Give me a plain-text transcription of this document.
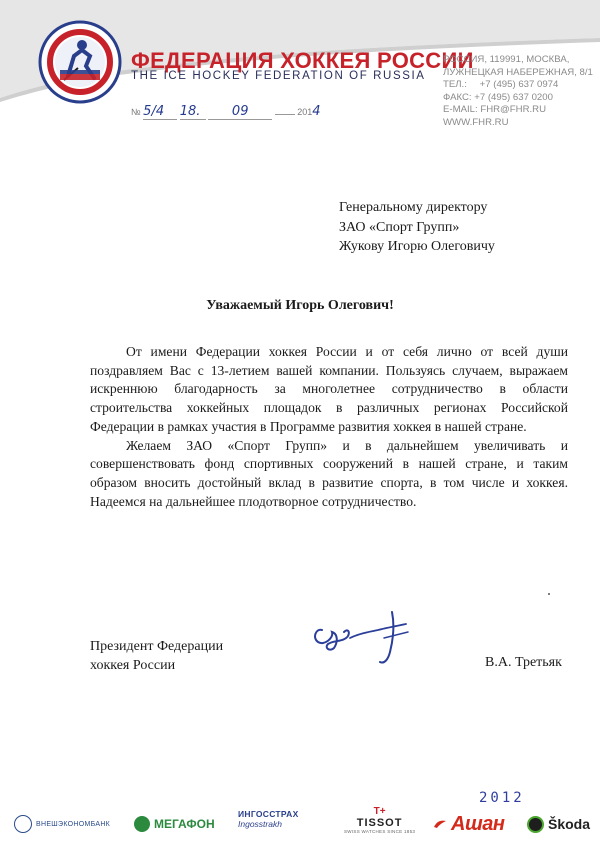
ФЕДЕРАЦИЯ ХОККЕЯ РОССИИ
THE ICE HOCKEY FEDERATION OF RUSSIA
РОССИЯ, 119991, МОСКВА,
ЛУЖНЕЦКАЯ НАБЕРЕЖНАЯ, 8/1
ТЕЛ.: +7 (495) 637 0974
ФАКС: +7 (495) 637 0200
E-MAIL: FHR@FHR.RU
WWW.FHR.RU
№ 5/4 18. 09	2014
Генеральному директору
ЗАО «Спорт Групп»
Жукову Игорю Олеговичу
Уважаемый Игорь Олегович!

От имени Федерации хоккея России и от себя лично от всей души поздравляем Вас с 13-летием вашей компании. Пользуясь случаем, выражаем искреннюю благодарность за многолетнее сотрудничество в области строительства хоккейных площадок в различных регионах Российской Федерации в рамках участия в Программе развития хоккея в нашей стране.

Желаем ЗАО «Спорт Групп» и в дальнейшем увеличивать и совершенствовать фонд спортивных сооружений в нашей стране, и таким образом вносить достойный вклад в развитие спорта, в том числе и хоккея. Надеемся на дальнейшее плодотворное сотрудничество.

Президент Федерации
хоккея России	В.А. Третьяк
2012
ВНЕШЭКОНОМБАНК	МЕГАФОН
ИНГОССТРАХ
Ingosstrakh
T+
TISSOT
SWISS WATCHES SINCE 1853 Ашан	Škoda
